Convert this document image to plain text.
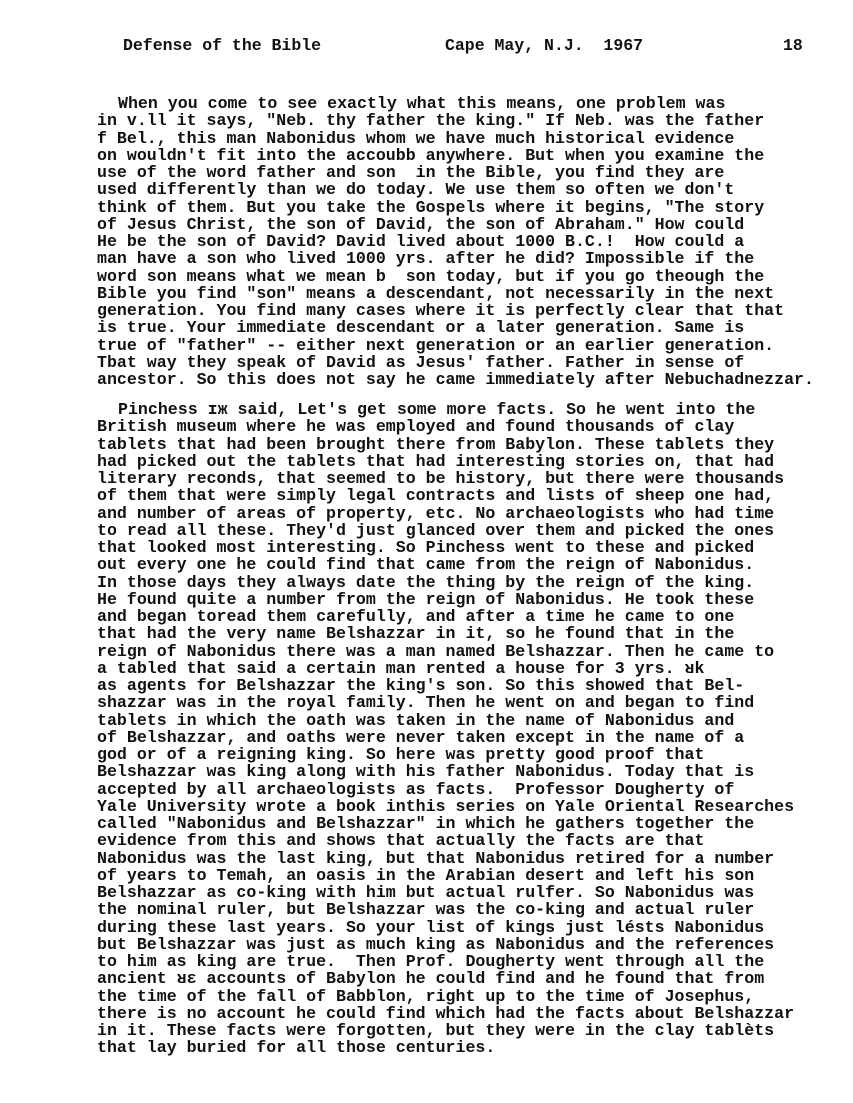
Defense of the Bible	Cape May, N.J.  1967	18
When you come to see exactly what this means, one problem was
in v.ll it says, "Neb. thy father the king." If Neb. was the father
f Bel., this man Nabonidus whom we have much historical evidence
on wouldn't fit into the accoubb anywhere. But when you examine the
use of the word father and son  in the Bible, you find they are
used differently than we do today. We use them so often we don't
think of them. But you take the Gospels where it begins, "The story
of Jesus Christ, the son of David, the son of Abraham." How could
He be the son of David? David lived about 1000 B.C.!  How could a
man have a son who lived 1000 yrs. after he did? Impossible if the
word son means what we mean b  son today, but if you go theough the
Bible you find "son" means a descendant, not necessarily in the next
generation. You find many cases where it is perfectly clear that that
is true. Your immediate descendant or a later generation. Same is
true of "father" -- either next generation or an earlier generation.
Tbat way they speak of David as Jesus' father. Father in sense of
ancestor. So this does not say he came immediately after Nebuchadnezzar.
Pinchess ɪж said, Let's get some more facts. So he went into the
British museum where he was employed and found thousands of clay
tablets that had been brought there from Babylon. These tablets they
had picked out the tablets that had interesting stories on, that had
literary reconds, that seemed to be history, but there were thousands
of them that were simply legal contracts and lists of sheep one had,
and number of areas of property, etc. No archaeologists who had time
to read all these. They'd just glanced over them and picked the ones
that looked most interesting. So Pinchess went to these and picked
out every one he could find that came from the reign of Nabonidus.
In those days they always date the thing by the reign of the king.
He found quite a number from the reign of Nabonidus. He took these
and began toread them carefully, and after a time he came to one
that had the very name Belshazzar in it, so he found that in the
reign of Nabonidus there was a man named Belshazzar. Then he came to
a tabled that said a certain man rented a house for 3 yrs. ʁk
as agents for Belshazzar the king's son. So this showed that Bel-
shazzar was in the royal family. Then he went on and began to find
tablets in which the oath was taken in the name of Nabonidus and
of Belshazzar, and oaths were never taken except in the name of a
god or of a reigning king. So here was pretty good proof that
Belshazzar was king along with his father Nabonidus. Today that is
accepted by all archaeologists as facts.  Professor Dougherty of
Yale University wrote a book inthis series on Yale Oriental Researches
called "Nabonidus and Belshazzar" in which he gathers together the
evidence from this and shows that actually the facts are that
Nabonidus was the last king, but that Nabonidus retired for a number
of years to Temah, an oasis in the Arabian desert and left his son
Belshazzar as co-king with him but actual rulfer. So Nabonidus was
the nominal ruler, but Belshazzar was the co-king and actual ruler
during these last years. So your list of kings just lésts Nabonidus
but Belshazzar was just as much king as Nabonidus and the references
to him as king are true.  Then Prof. Dougherty went through all the
ancient ʁɛ accounts of Babylon he could find and he found that from
the time of the fall of Babblon, right up to the time of Josephus,
there is no account he could find which had the facts about Belshazzar
in it. These facts were forgotten, but they were in the clay tablèts
that lay buried for all those centuries.
